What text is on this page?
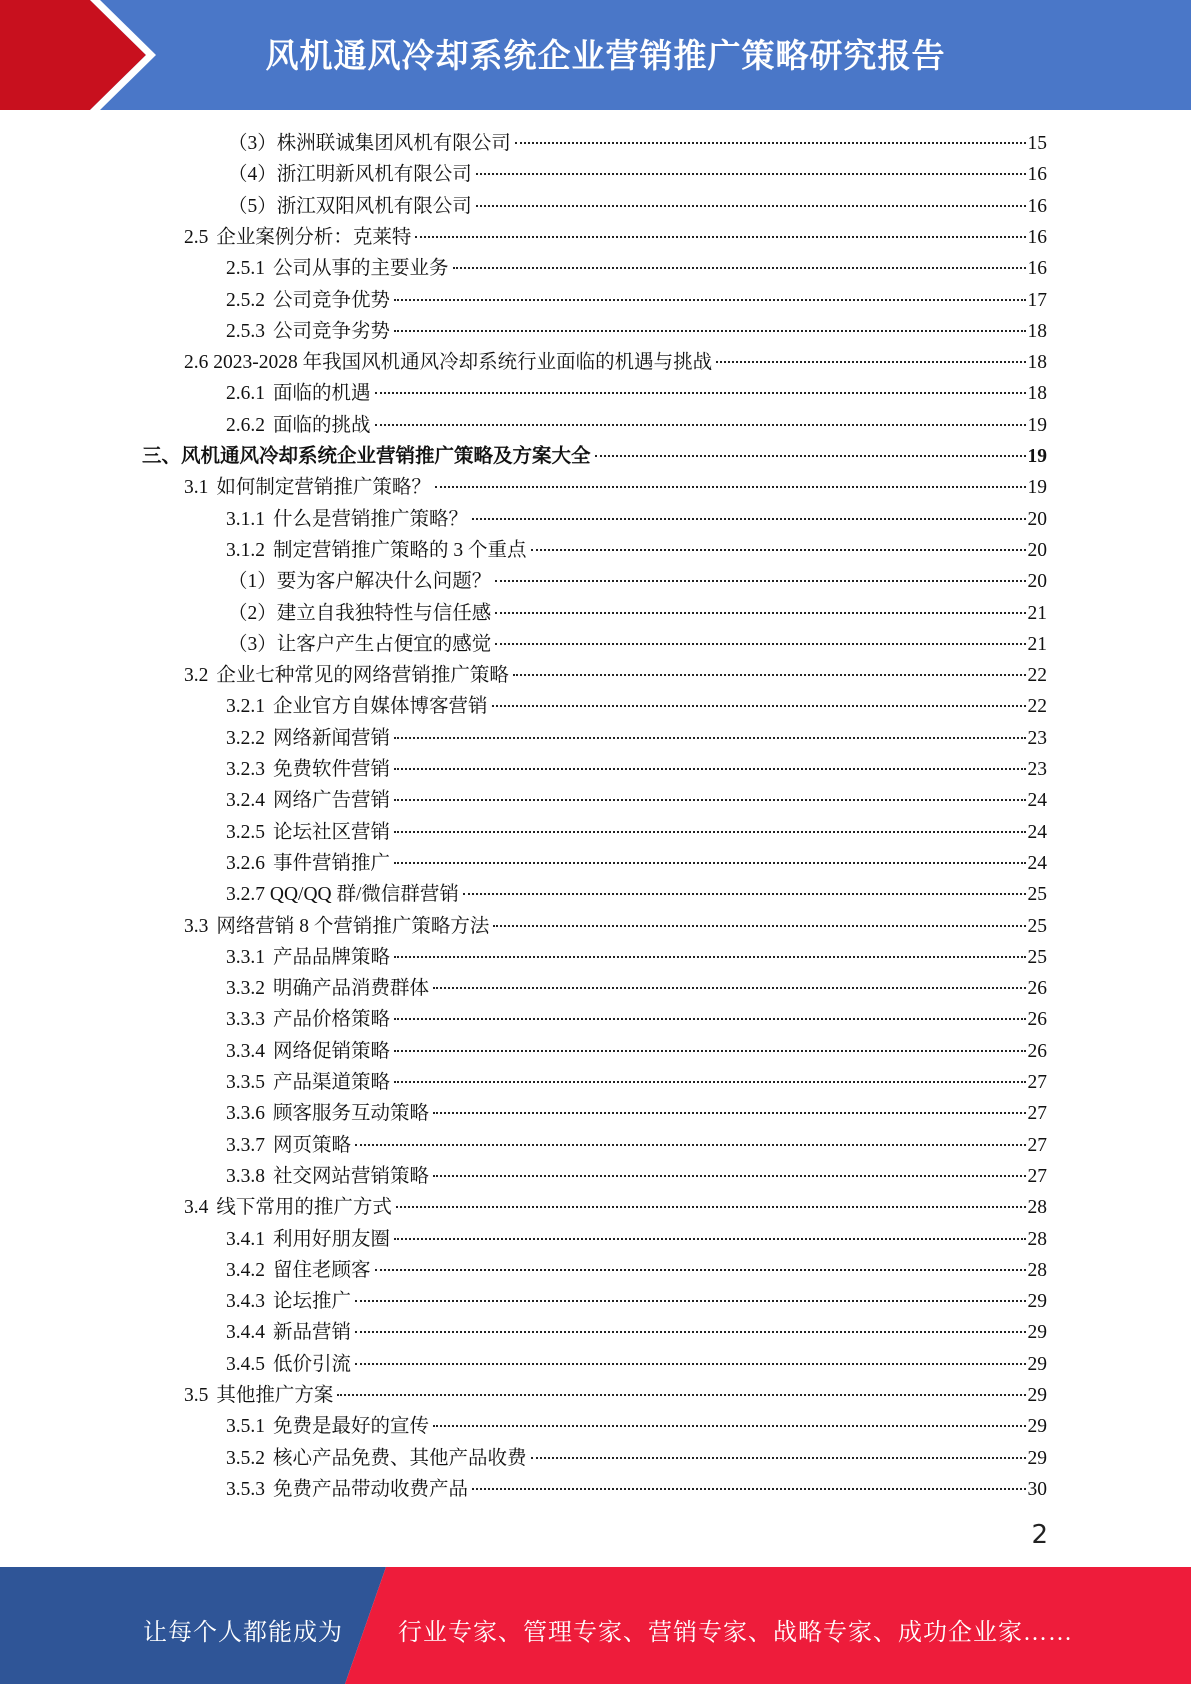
风机通风冷却系统企业营销推广策略研究报告
（3）株洲联诚集团风机有限公司	15
（4）浙江明新风机有限公司	16
（5）浙江双阳风机有限公司	16
2.5 企业案例分析：克莱特	16
2.5.1 公司从事的主要业务	16
2.5.2 公司竞争优势	17
2.5.3 公司竞争劣势	18
2.6 2023-2028 年我国风机通风冷却系统行业面临的机遇与挑战	18
2.6.1 面临的机遇	18
2.6.2 面临的挑战	19
三、风机通风冷却系统企业营销推广策略及方案大全	19
3.1 如何制定营销推广策略？	19
3.1.1 什么是营销推广策略？	20
3.1.2 制定营销推广策略的 3 个重点	20
（1）要为客户解决什么问题？	20
（2）建立自我独特性与信任感	21
（3）让客户产生占便宜的感觉	21
3.2 企业七种常见的网络营销推广策略	22
3.2.1 企业官方自媒体博客营销	22
3.2.2 网络新闻营销	23
3.2.3 免费软件营销	23
3.2.4 网络广告营销	24
3.2.5 论坛社区营销	24
3.2.6 事件营销推广	24
3.2.7 QQ/QQ 群/微信群营销	25
3.3 网络营销 8 个营销推广策略方法	25
3.3.1 产品品牌策略	25
3.3.2 明确产品消费群体	26
3.3.3 产品价格策略	26
3.3.4 网络促销策略	26
3.3.5 产品渠道策略	27
3.3.6 顾客服务互动策略	27
3.3.7 网页策略	27
3.3.8 社交网站营销策略	27
3.4 线下常用的推广方式	28
3.4.1 利用好朋友圈	28
3.4.2 留住老顾客	28
3.4.3 论坛推广	29
3.4.4 新品营销	29
3.4.5 低价引流	29
3.5 其他推广方案	29
3.5.1 免费是最好的宣传	29
3.5.2 核心产品免费、其他产品收费	29
3.5.3 免费产品带动收费产品	30
2
让每个人都能成为 行业专家、管理专家、营销专家、战略专家、成功企业家……
